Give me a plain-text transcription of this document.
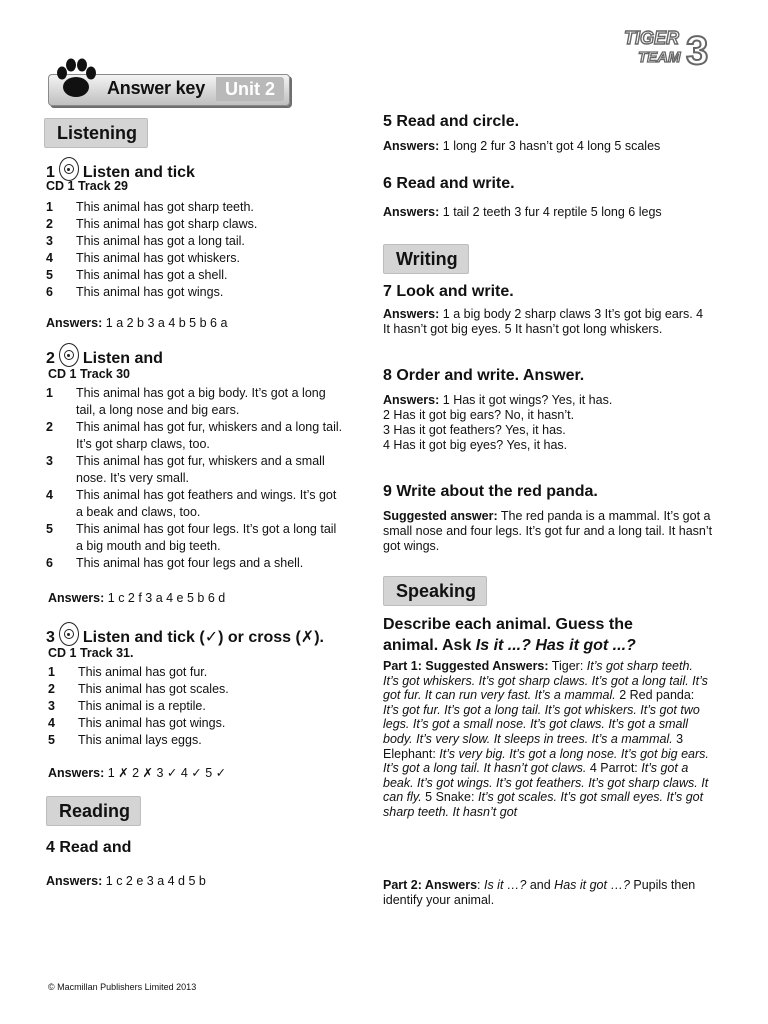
Answer key	Unit 2
TIGER
TEAM 3
Listening
1 Listen and tick
CD 1 Track 29
1	This animal has got sharp teeth.
2	This animal has got sharp claws.
3	This animal has got a long tail.
4	This animal has got whiskers.
5	This animal has got a shell.
6	This animal has got wings.
Answers: 1 a 2 b 3 a 4 b 5 b 6 a
2 Listen and
CD 1 Track 30
1	This animal has got a big body. It’s got a long tail, a long nose and big ears.
2	This animal has got fur, whiskers and a long tail. It’s got sharp claws, too.
3	This animal has got fur, whiskers and a small nose. It’s very small.
4	This animal has got feathers and wings. It’s got a beak and claws, too.
5	This animal has got four legs. It’s got a long tail a big mouth and big teeth.
6	This animal has got four legs and a shell.
Answers: 1 c 2 f 3 a 4 e 5 b 6 d
3 Listen and tick (✓) or cross (✗).
CD 1 Track 31.
1	This animal has got fur.
2	This animal has got scales.
3	This animal is a reptile.
4	This animal has got wings.
5	This animal lays eggs.
Answers: 1 ✗ 2 ✗ 3 ✓ 4 ✓ 5 ✓
Reading
4 Read and
Answers: 1 c 2 e 3 a 4 d 5 b
© Macmillan Publishers Limited 2013
5 Read and circle.
Answers: 1 long 2 fur 3 hasn’t got 4 long 5 scales
6 Read and write.
Answers: 1 tail 2 teeth 3 fur 4 reptile 5 long 6 legs
Writing
7 Look and write.
Answers: 1 a big body 2 sharp claws 3 It’s got big ears. 4 It hasn’t got big eyes. 5 It hasn’t got long whiskers.
8 Order and write. Answer.
Answers: 1 Has it got wings? Yes, it has.
2 Has it got big ears? No, it hasn’t.
3 Has it got feathers? Yes, it has.
4 Has it got big eyes? Yes, it has.
9 Write about the red panda.
Suggested answer: The red panda is a mammal. It’s got a small nose and four legs. It’s got fur and a long tail. It hasn’t got wings.
Speaking
Describe each animal. Guess the
animal. Ask Is it ...? Has it got ...?
Part 1: Suggested Answers: Tiger: It’s got sharp teeth. It’s got whiskers. It’s got sharp claws. It’s got a long tail. It’s got fur. It can run very fast. It’s a mammal. 2 Red panda: It’s got fur. It’s got a long tail. It’s got whiskers. It’s got two legs. It’s got a small nose. It’s got claws. It’s got a small body. It’s very slow. It sleeps in trees. It’s a mammal. 3 Elephant: It’s very big. It’s got a long nose. It’s got big ears. It’s got a long tail. It hasn’t got claws. 4 Parrot: It’s got a beak. It’s got wings. It’s got feathers. It’s got sharp claws. It can fly. 5 Snake: It’s got scales. It’s got small eyes. It’s got sharp teeth. It hasn’t got
Part 2: Answers: Is it …? and Has it got …? Pupils then identify your animal.
